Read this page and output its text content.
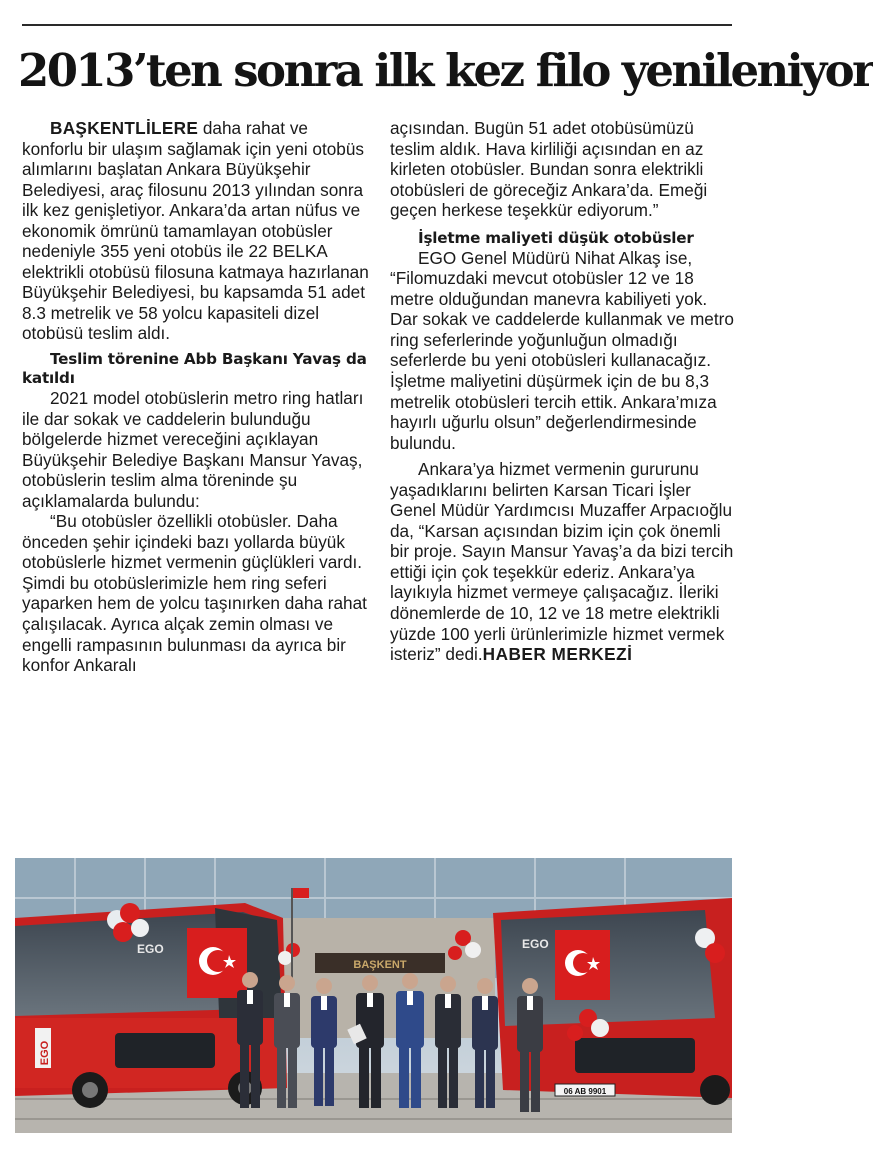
2013’ten sonra ilk kez filo yenileniyor

BAŞKENTLİLERE daha rahat ve konforlu bir ulaşım sağlamak için yeni otobüs alımlarını başlatan Ankara Büyükşehir Belediyesi, araç filosunu 2013 yılından sonra ilk kez genişletiyor. Ankara’da artan nüfus ve ekonomik ömrünü tamamlayan otobüsler nedeniyle 355 yeni otobüs ile 22 BELKA elektrikli otobüsü filosuna katmaya hazırlanan Büyükşehir Belediyesi, bu kapsamda 51 adet 8.3 metrelik ve 58 yolcu kapasiteli dizel otobüsü teslim aldı.

Teslim törenine Abb Başkanı Yavaş da katıldı

2021 model otobüslerin metro ring hatları ile dar sokak ve caddelerin bulunduğu bölgelerde hizmet vereceğini açıklayan Büyükşehir Belediye Başkanı Mansur Yavaş, otobüslerin teslim alma töreninde şu açıklamalarda bulundu:

“Bu otobüsler özellikli otobüsler. Daha önceden şehir içindeki bazı yollarda büyük otobüslerle hizmet vermenin güçlükleri vardı. Şimdi bu otobüslerimizle hem ring seferi yaparken hem de yolcu taşınırken daha rahat çalışılacak. Ayrıca alçak zemin olması ve engelli rampasının bulunması da ayrıca bir konfor Ankaralı

açısından. Bugün 51 adet otobüsümüzü teslim aldık. Hava kirliliği açısından en az kirleten otobüsler. Bundan sonra elektrikli otobüsleri de göreceğiz Ankara’da. Emeği geçen herkese teşekkür ediyorum.”

İşletme maliyeti düşük otobüsler

EGO Genel Müdürü Nihat Alkaş ise, “Filomuzdaki mevcut otobüsler 12 ve 18 metre olduğundan manevra kabiliyeti yok. Dar sokak ve caddelerde kullanmak ve metro ring seferlerinde yoğunluğun olmadığı seferlerde bu yeni otobüsleri kullanacağız. İşletme maliyetini düşürmek için de bu 8,3 metrelik otobüsleri tercih ettik. Ankara’mıza hayırlı uğurlu olsun” değerlendirmesinde bulundu.

Ankara’ya hizmet vermenin gururunu yaşadıklarını belirten Karsan Ticari İşler Genel Müdür Yardımcısı Muzaffer Arpacıoğlu da, “Karsan açısından bizim için çok önemli bir proje. Sayın Mansur Yavaş’a da bizi tercih ettiği için çok teşekkür ederiz. Ankara’ya layıkıyla hizmet vermeye çalışacağız. İleriki dönemlerde de 10, 12 ve 18 metre elektrikli yüzde 100 yerli ürünlerimizle hizmet vermek isteriz” dedi.HABER MERKEZİ

BAŞKENT
EGO
EGO
06 AB 9901
EGO
